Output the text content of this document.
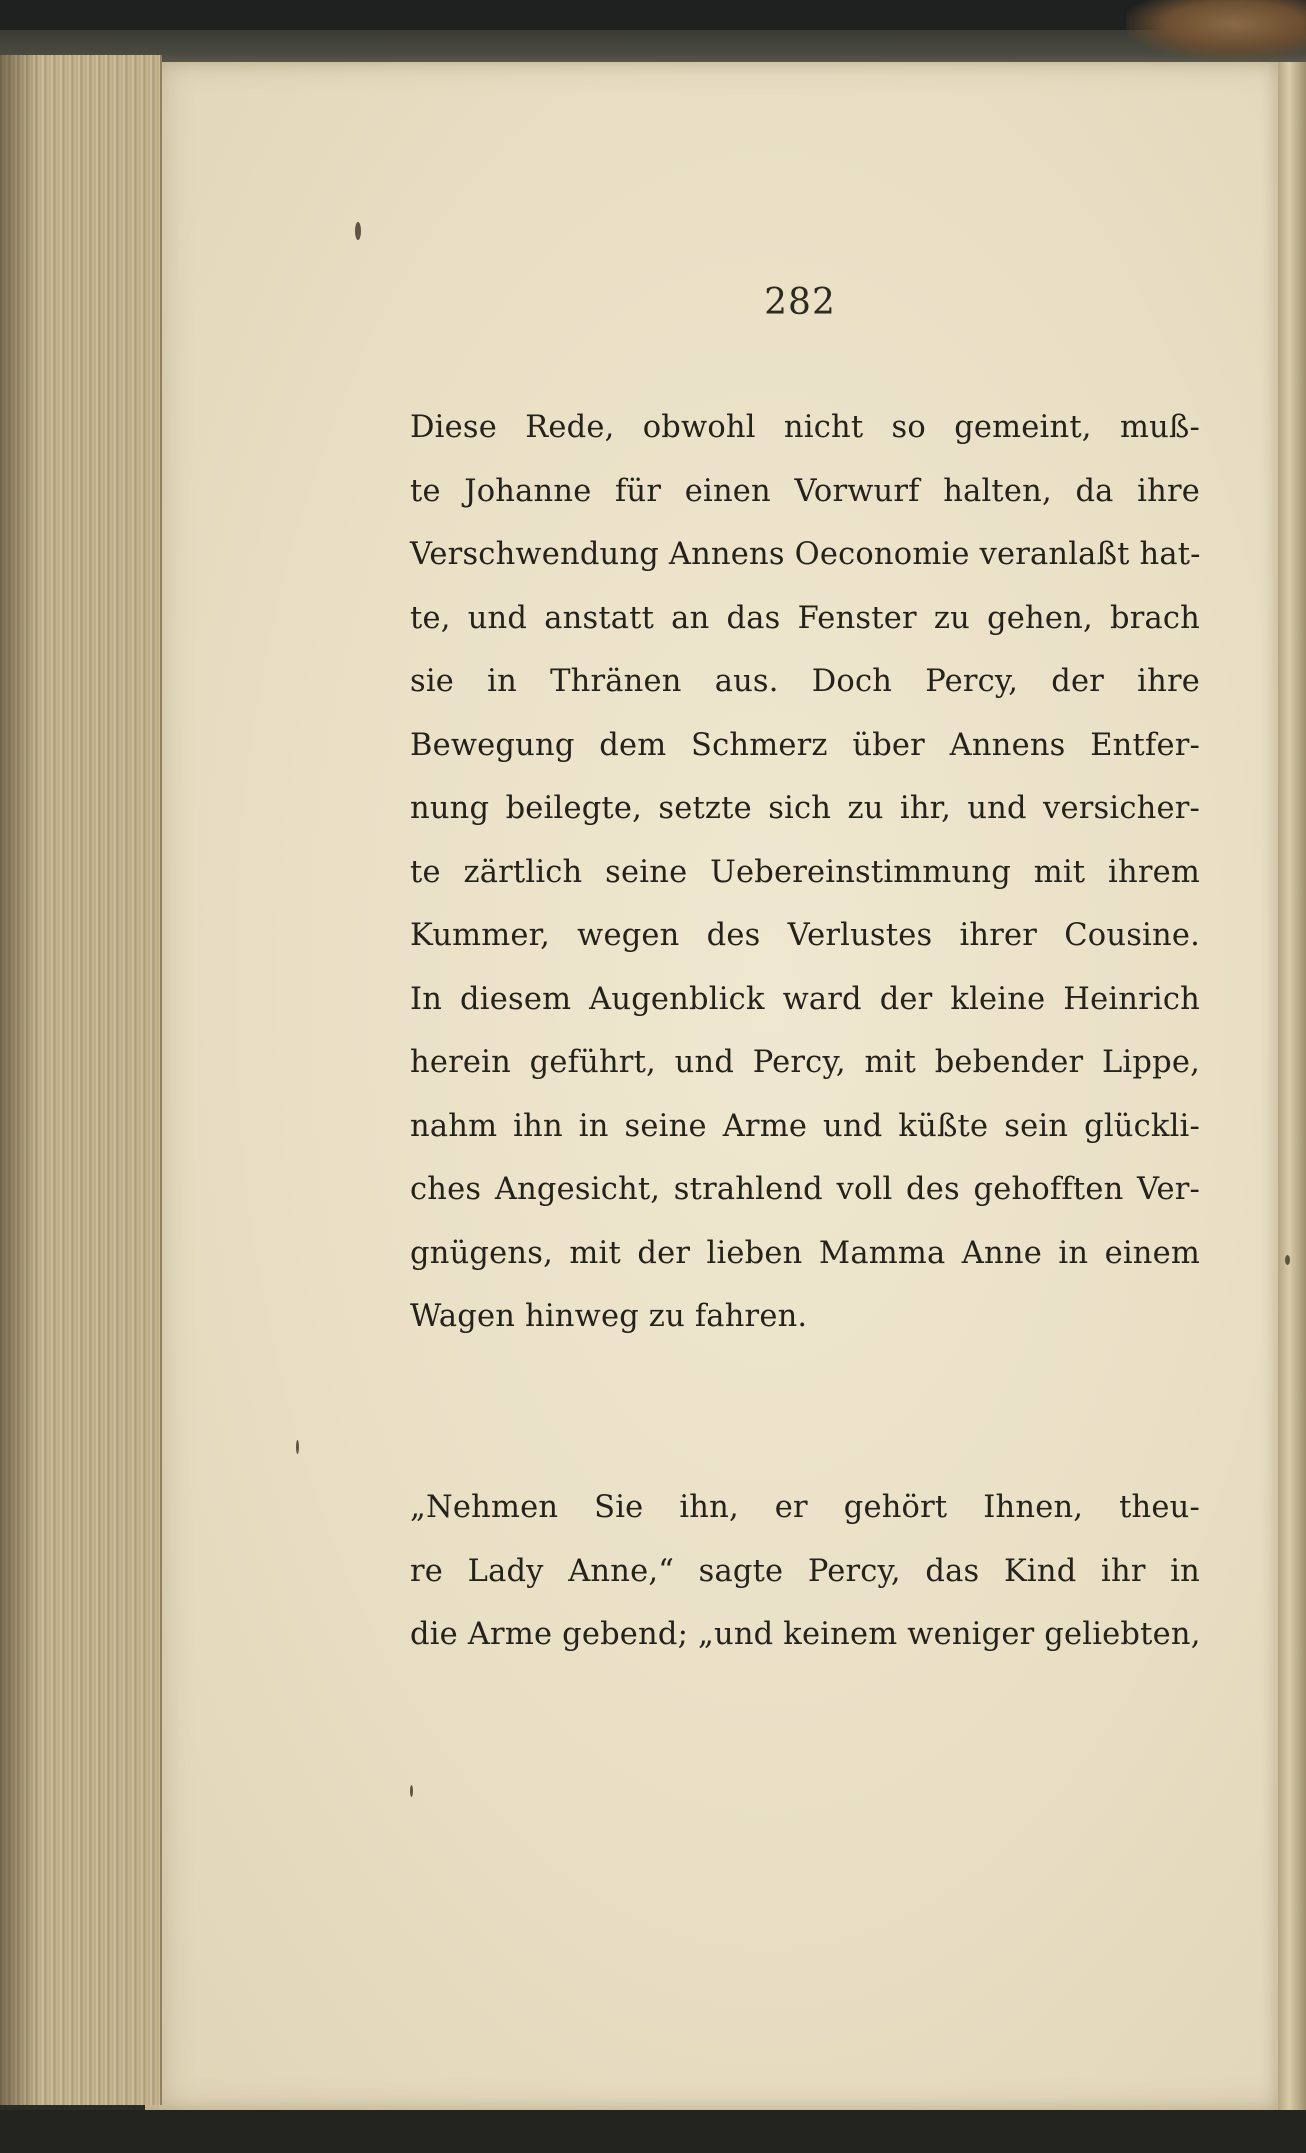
282
Diese Rede, obwohl nicht so gemeint, muß-
te Johanne für einen Vorwurf halten, da ihre
Verschwendung Annens Oeconomie veranlaßt hat-
te, und anstatt an das Fenster zu gehen, brach
sie in Thränen aus. Doch Percy, der ihre
Bewegung dem Schmerz über Annens Entfer-
nung beilegte, setzte sich zu ihr, und versicher-
te zärtlich seine Uebereinstimmung mit ihrem
Kummer, wegen des Verlustes ihrer Cousine.
In diesem Augenblick ward der kleine Heinrich
herein geführt, und Percy, mit bebender Lippe,
nahm ihn in seine Arme und küßte sein glückli-
ches Angesicht, strahlend voll des gehofften Ver-
gnügens, mit der lieben Mamma Anne in einem
Wagen hinweg zu fahren.
„Nehmen Sie ihn, er gehört Ihnen, theu-
re Lady Anne,“ sagte Percy, das Kind ihr in
die Arme gebend; „und keinem weniger geliebten,
